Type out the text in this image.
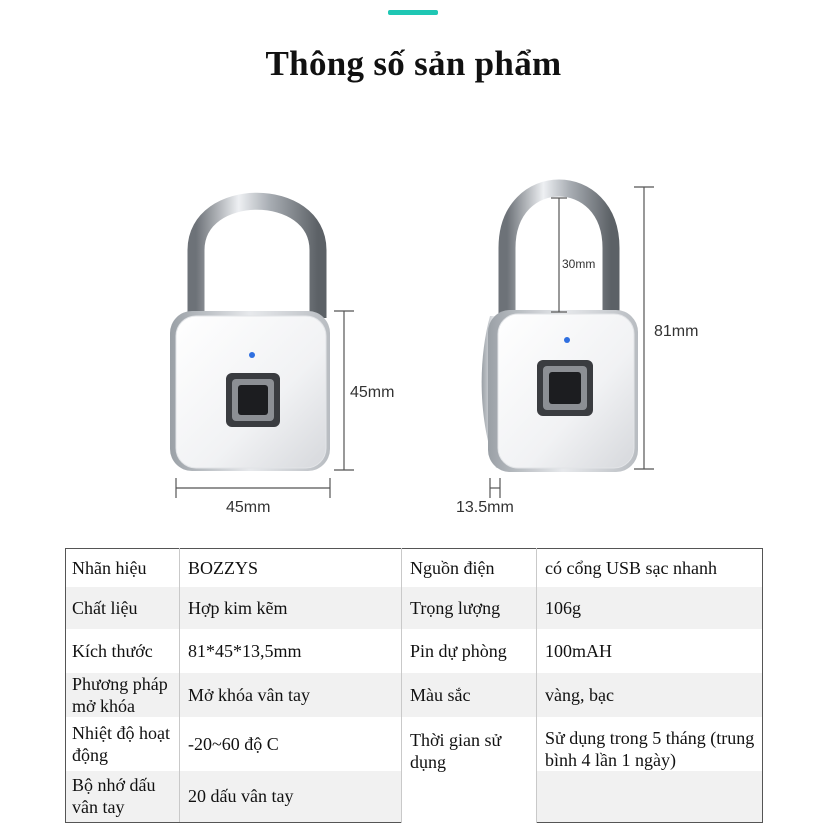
Thông số sản phẩm
45mm
45mm
30mm
81mm
13.5mm
Nhãn hiệu	BOZZYS	Nguồn điện	có cổng USB sạc nhanh
Chất liệu	Hợp kim kẽm	Trọng lượng	106g
Kích thước	81*45*13,5mm	Pin dự phòng	100mAH
Phương pháp mở khóa	Mở khóa vân tay	Màu sắc	vàng, bạc
Nhiệt độ hoạt động	-20~60 độ C	Thời gian sử dụng	Sử dụng trong 5 tháng (trung bình 4 lần 1 ngày)
Bộ nhớ dấu vân tay	20 dấu vân tay		
